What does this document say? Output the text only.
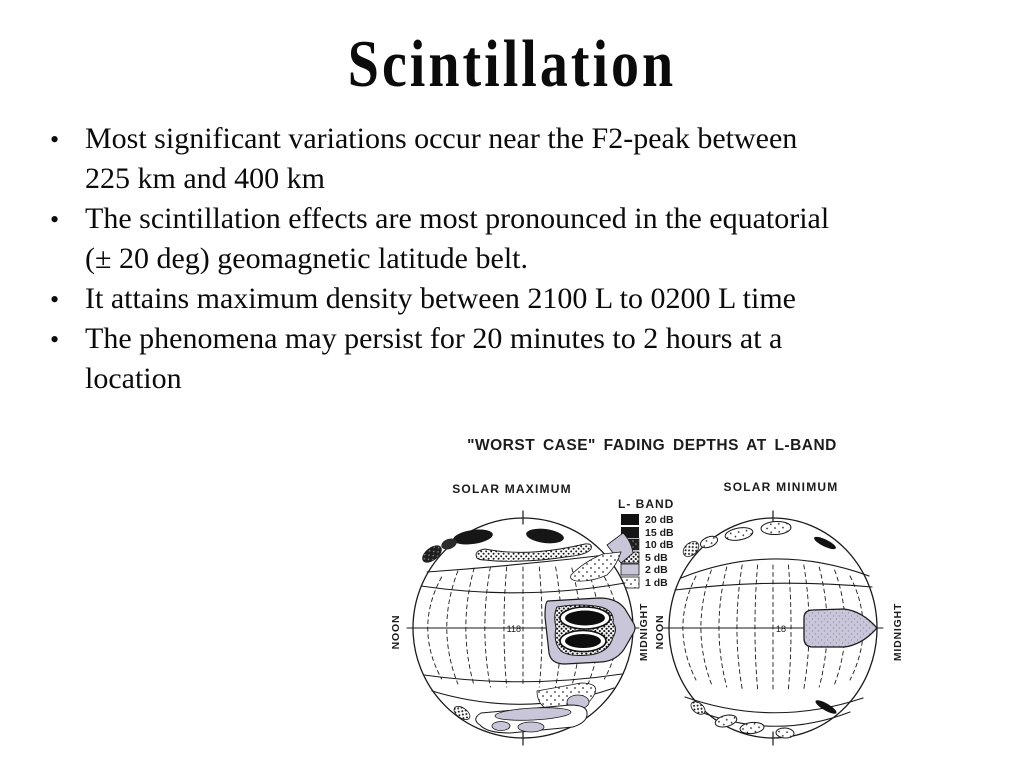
Scintillation
• Most significant variations occur near the F2-peak between
225 km and 400 km
• The scintillation effects are most pronounced in the equatorial
(± 20 deg) geomagnetic latitude belt.
• It attains maximum density between 2100 L to 0200 L time
• The phenomena may persist for 20 minutes to 2 hours at a
location
"WORST CASE" FADING DEPTHS AT L-BAND
SOLAR MAXIMUM	SOLAR MINIMUM
L- BAND
20 dB
15 dB
10 dB
5 dB
2 dB
1 dB
118
NOON	MIDNIGHT	18
NOON	MIDNIGHT
